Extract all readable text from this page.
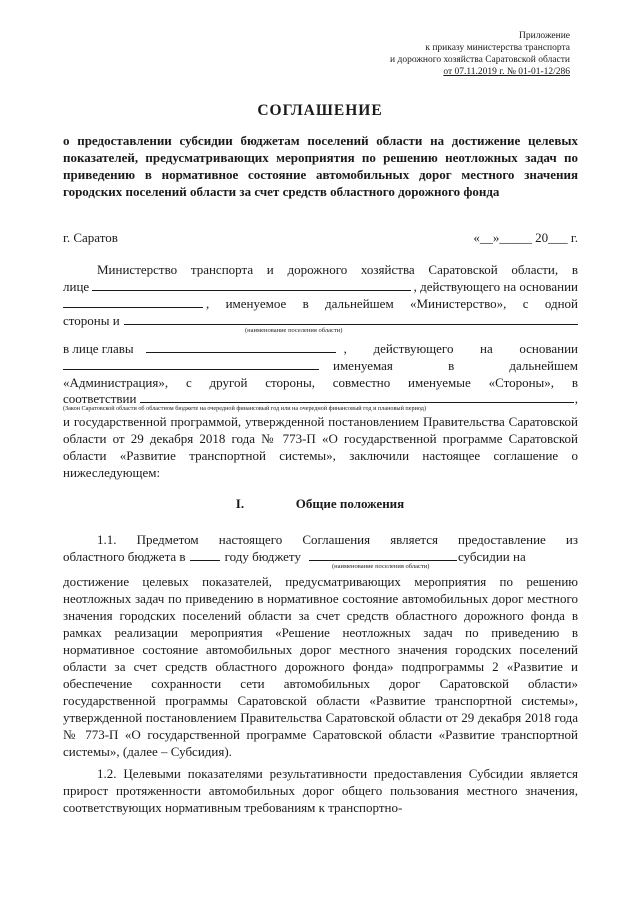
Приложение
к приказу министерства транспорта
и дорожного хозяйства Саратовской области
от 07.11.2019 г. № 01-01-12/286
СОГЛАШЕНИЕ
о предоставлении субсидии бюджетам поселений области на достижение целевых показателей, предусматривающих мероприятия по решению неотложных задач по приведению в нормативное состояние автомобильных дорог местного значения городских поселений области за счет средств областного дорожного фонда
г. Саратов	«__»_____ 20___ г.
Министерство транспорта и дорожного хозяйства Саратовской области, в
лице	, действующего на основании
, именуемое в дальнейшем «Министерство», с одной
стороны и
(наименование поселения области)
в лице главы	, действующего на основании
именуемая в дальнейшем
«Администрация», с другой стороны, совместно именуемые «Стороны», в
соответствии	,
(Закон Саратовской области об областном бюджете на очередной финансовый год или на очередной финансовый год и плановый период)
и государственной программой, утвержденной постановлением Правительства Саратовской области от 29 декабря 2018 года № 773-П «О государственной программе Саратовской области «Развитие транспортной системы», заключили настоящее соглашение о нижеследующем:
I.	Общие положения
1.1. Предметом настоящего Соглашения является предоставление из
областного бюджета в	году бюджету	субсидии на
(наименование поселения области)
достижение целевых показателей, предусматривающих мероприятия по решению неотложных задач по приведению в нормативное состояние автомобильных дорог местного значения городских поселений области за счет средств областного дорожного фонда в рамках реализации мероприятия «Решение неотложных задач по приведению в нормативное состояние автомобильных дорог местного значения городских поселений области за счет средств областного дорожного фонда» подпрограммы 2 «Развитие и обеспечение сохранности сети автомобильных дорог Саратовской области» государственной программы Саратовской области «Развитие транспортной системы», утвержденной постановлением Правительства Саратовской области от 29 декабря 2018 года № 773-П «О государственной программе Саратовской области «Развитие транспортной системы», (далее – Субсидия).
1.2. Целевыми показателями результативности предоставления Субсидии является прирост протяженности автомобильных дорог общего пользования местного значения, соответствующих нормативным требованиям к транспортно-
